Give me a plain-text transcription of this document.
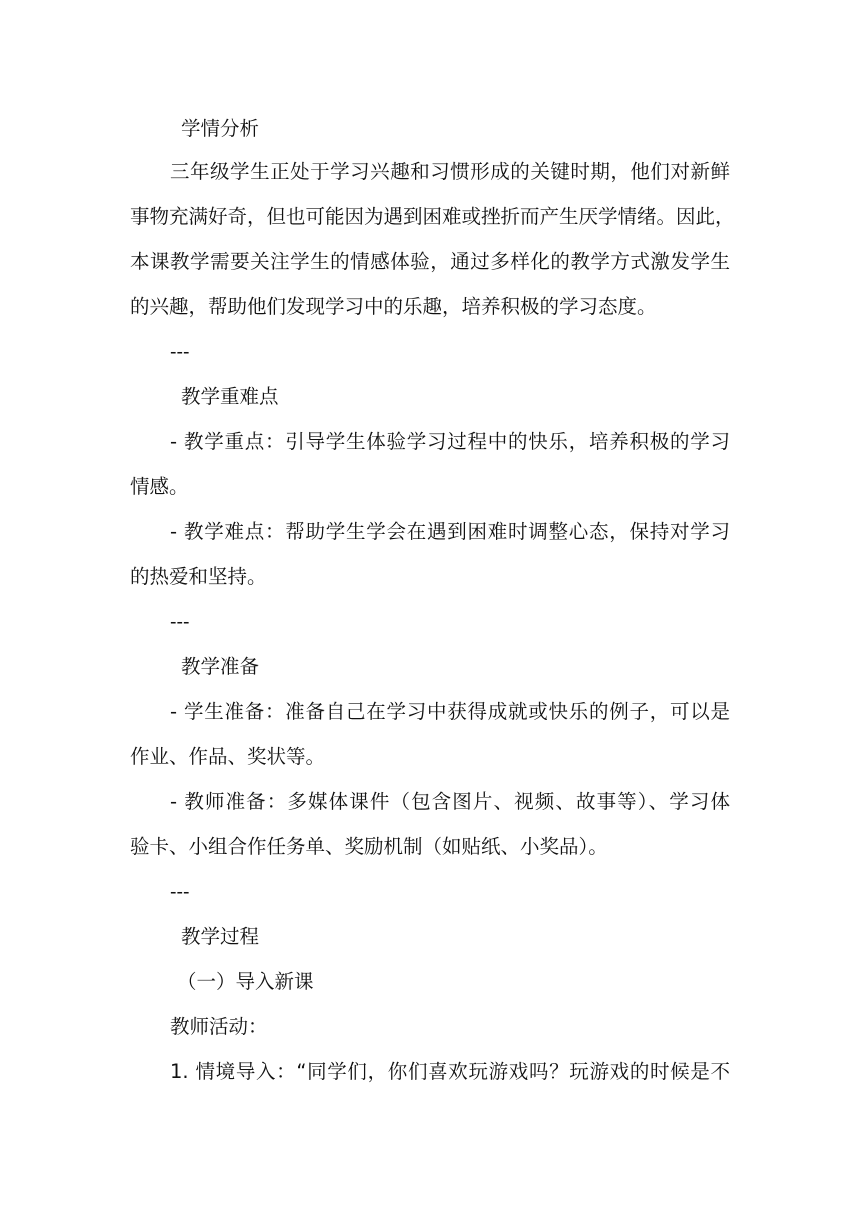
学情分析
三年级学生正处于学习兴趣和习惯形成的关键时期，他们对新鲜
事物充满好奇，但也可能因为遇到困难或挫折而产生厌学情绪。因此，
本课教学需要关注学生的情感体验，通过多样化的教学方式激发学生
的兴趣，帮助他们发现学习中的乐趣，培养积极的学习态度。
---
教学重难点
- 教学重点：引导学生体验学习过程中的快乐，培养积极的学习
情感。
- 教学难点：帮助学生学会在遇到困难时调整心态，保持对学习
的热爱和坚持。
---
教学准备
- 学生准备：准备自己在学习中获得成就或快乐的例子，可以是
作业、作品、奖状等。
- 教师准备：多媒体课件（包含图片、视频、故事等）、学习体
验卡、小组合作任务单、奖励机制（如贴纸、小奖品）。
---
教学过程
（一）导入新课
教师活动：
1. 情境导入：“同学们，你们喜欢玩游戏吗？玩游戏的时候是不
